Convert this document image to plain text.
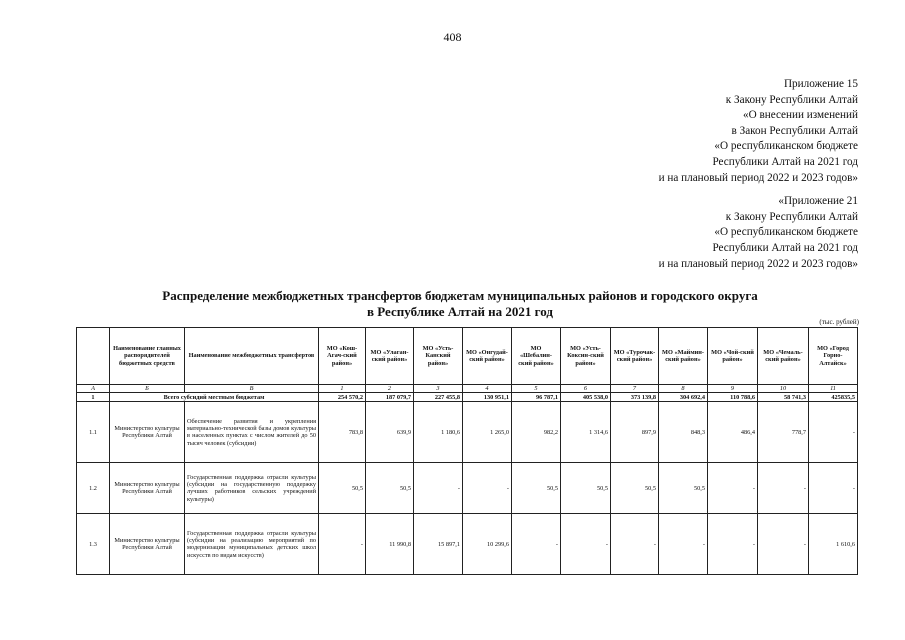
408
Приложение 15
к Закону Республики Алтай
«О внесении изменений
в Закон Республики Алтай
«О республиканском бюджете
Республики Алтай на 2021 год
и на плановый период 2022 и 2023 годов»
«Приложение 21
к Закону Республики Алтай
«О республиканском бюджете
Республики Алтай на 2021 год
и на плановый период 2022 и 2023 годов»
Распределение межбюджетных трансфертов бюджетам муниципальных районов и городского округа
в Республике Алтай на 2021 год
(тыс. рублей)
	Наименование главных распорядителей бюджетных средств	Наименование межбюджетных трансфертов	МО «Кош-Агач-ский район»	МО «Улаган-ский район»	МО «Усть-Канский район»	МО «Онгудай-ский район»	МО «Шебалин-ский район»	МО «Усть-Коксин-ский район»	МО «Турочак-ский район»	МО «Маймин-ский район»	МО «Чой-ский район»	МО «Чемаль-ский район»	МО «Город Горно-Алтайск»
А	Б	В	1	2	3	4	5	6	7	8	9	10	11
1	Всего субсидий местным бюджетам		254 570,2	187 079,7	227 455,8	130 951,1	96 787,1	405 538,0	373 139,8	304 692,4	110 788,6	58 741,3	425835,5
1.1	Министерство культуры Республики Алтай	Обеспечение развития и укрепления материально-технической базы домов культуры в населенных пунктах с числом жителей до 50 тысяч человек (субсидии)	783,8	639,9	1 180,6	1 265,0	982,2	1 314,6	897,9	848,3	486,4	778,7	-
1.2	Министерство культуры Республики Алтай	Государственная поддержка отрасли культуры (субсидии на государственную поддержку лучших работников сельских учреждений культуры)	50,5	50,5	-	-	50,5	50,5	50,5	50,5	-	-	-
1.3	Министерство культуры Республики Алтай	Государственная поддержка отрасли культуры (субсидии на реализацию мероприятий по модернизации муниципальных детских школ искусств по видам искусств)	-	11 990,8	15 897,1	10 299,6	-	-	-	-	-	-	1 610,6
